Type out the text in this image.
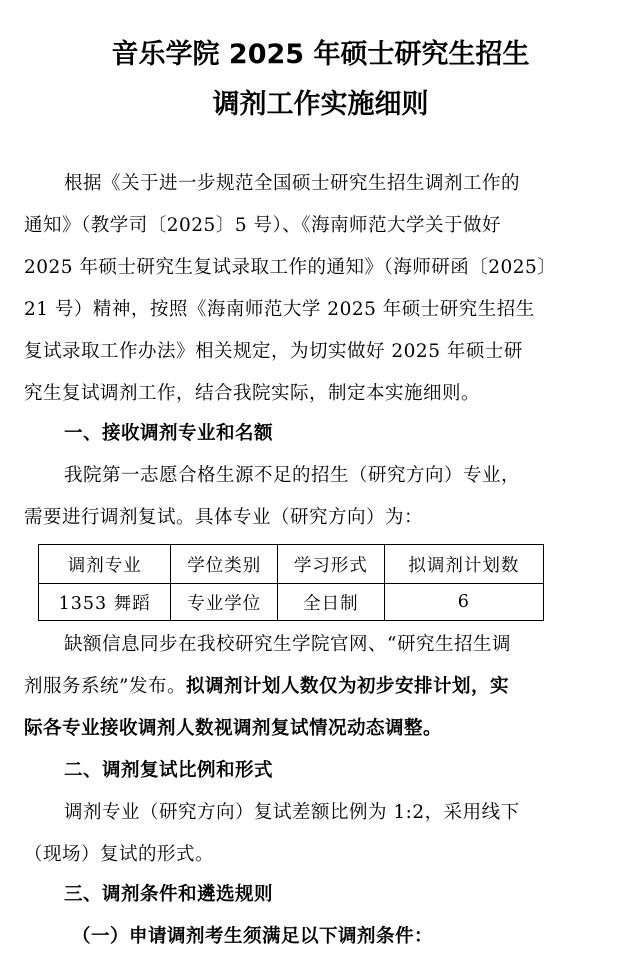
音乐学院 2025 年硕士研究生招生
调剂工作实施细则
根据《关于进一步规范全国硕士研究生招生调剂工作的
通知》（教学司〔2025〕5 号）、《海南师范大学关于做好
2025 年硕士研究生复试录取工作的通知》（海师研函〔2025〕
21 号）精神，按照《海南师范大学 2025 年硕士研究生招生
复试录取工作办法》相关规定，为切实做好 2025 年硕士研
究生复试调剂工作，结合我院实际，制定本实施细则。
一、接收调剂专业和名额
我院第一志愿合格生源不足的招生（研究方向）专业，
需要进行调剂复试。具体专业（研究方向）为：
调剂专业	学位类别	学习形式	拟调剂计划数
1353 舞蹈	专业学位	全日制	6
缺额信息同步在我校研究生学院官网、“研究生招生调
剂服务系统”发布。拟调剂计划人数仅为初步安排计划，实
际各专业接收调剂人数视调剂复试情况动态调整。
二、调剂复试比例和形式
调剂专业（研究方向）复试差额比例为 1:2，采用线下
（现场）复试的形式。
三、调剂条件和遴选规则
（一）申请调剂考生须满足以下调剂条件：
